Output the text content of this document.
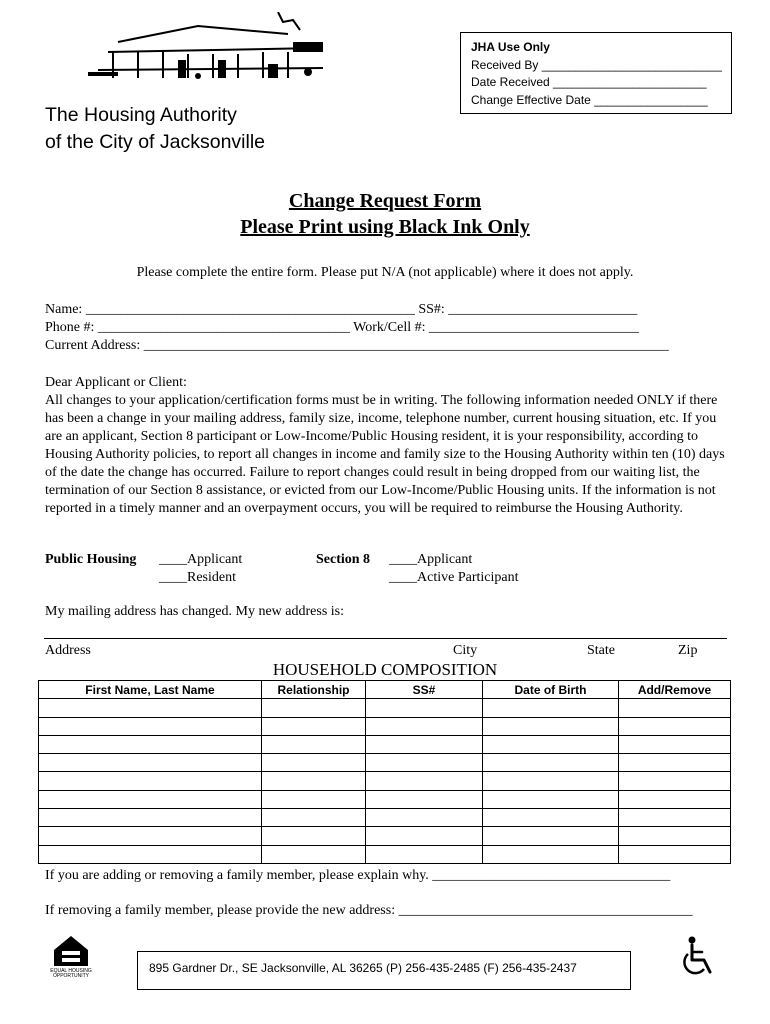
JHA Use Only
Received By ___________________________
Date Received _______________________
Change Effective Date _________________
The Housing Authority
of the City of Jacksonville
Change Request Form
Please Print using Black Ink Only
Please complete the entire form. Please put N/A (not applicable) where it does not apply.
Name: _______________________________________________ SS#: ___________________________
Phone #: ____________________________________ Work/Cell #: ______________________________
Current Address: ___________________________________________________________________________
Dear Applicant or Client:
All changes to your application/certification forms must be in writing. The following information needed ONLY if there has been a change in your mailing address, family size, income, telephone number, current housing situation, etc. If you are an applicant, Section 8 participant or Low-Income/Public Housing resident, it is your responsibility, according to Housing Authority policies, to report all changes in income and family size to the Housing Authority within ten (10) days of the date the change has occurred. Failure to report changes could result in being dropped from our waiting list, the termination of our Section 8 assistance, or evicted from our Low-Income/Public Housing units. If the information is not reported in a timely manner and an overpayment occurs, you will be required to reimburse the Housing Authority.
Public Housing ____Applicant
____Resident
Section 8 ____Applicant
____Active Participant
My mailing address has changed. My new address is:
Address	City	State	Zip
HOUSEHOLD COMPOSITION
First Name, Last Name	Relationship	SS#	Date of Birth	Add/Remove

If you are adding or removing a family member, please explain why. __________________________________
If removing a family member, please provide the new address: __________________________________________
EQUAL HOUSING
OPPORTUNITY
895 Gardner Dr., SE Jacksonville, AL 36265 (P) 256-435-2485 (F) 256-435-2437
